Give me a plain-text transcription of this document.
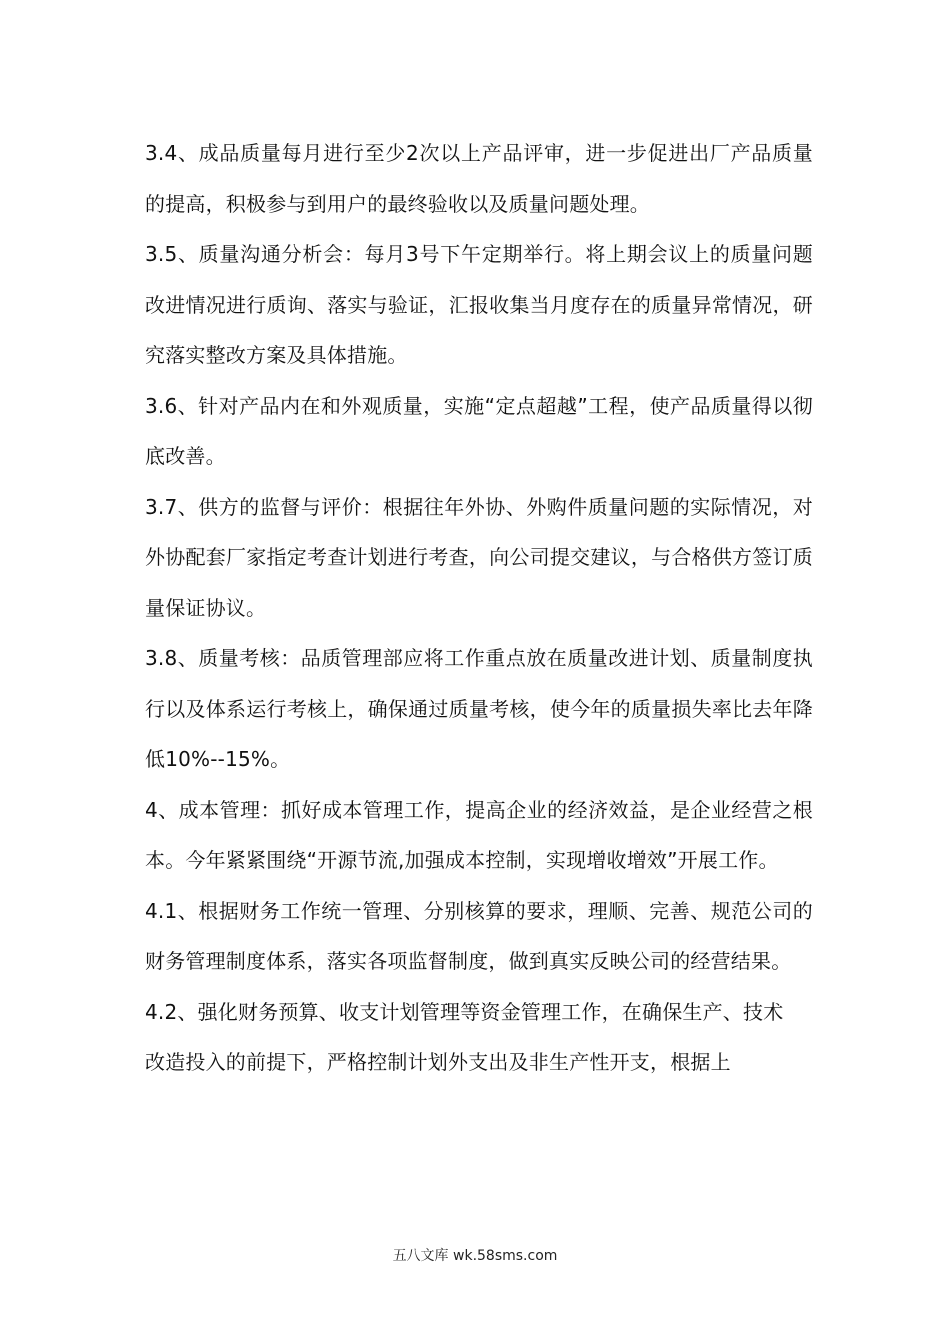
3.4、成品质量每月进行至少2次以上产品评审，进一步促进出厂产品质量的提高，积极参与到用户的最终验收以及质量问题处理。

3.5、质量沟通分析会：每月3号下午定期举行。将上期会议上的质量问题改进情况进行质询、落实与验证，汇报收集当月度存在的质量异常情况，研究落实整改方案及具体措施。

3.6、针对产品内在和外观质量，实施“定点超越”工程，使产品质量得以彻底改善。

3.7、供方的监督与评价：根据往年外协、外购件质量问题的实际情况，对外协配套厂家指定考查计划进行考查，向公司提交建议，与合格供方签订质量保证协议。

3.8、质量考核：品质管理部应将工作重点放在质量改进计划、质量制度执行以及体系运行考核上，确保通过质量考核，使今年的质量损失率比去年降低10%--15%。

4、成本管理：抓好成本管理工作，提高企业的经济效益，是企业经营之根本。今年紧紧围绕“开源节流,加强成本控制，实现增收增效”开展工作。

4.1、根据财务工作统一管理、分别核算的要求，理顺、完善、规范公司的财务管理制度体系，落实各项监督制度，做到真实反映公司的经营结果。

4.2、强化财务预算、收支计划管理等资金管理工作，在确保生产、技术

改造投入的前提下，严格控制计划外支出及非生产性开支，根据上

五八文库 wk.58sms.com
